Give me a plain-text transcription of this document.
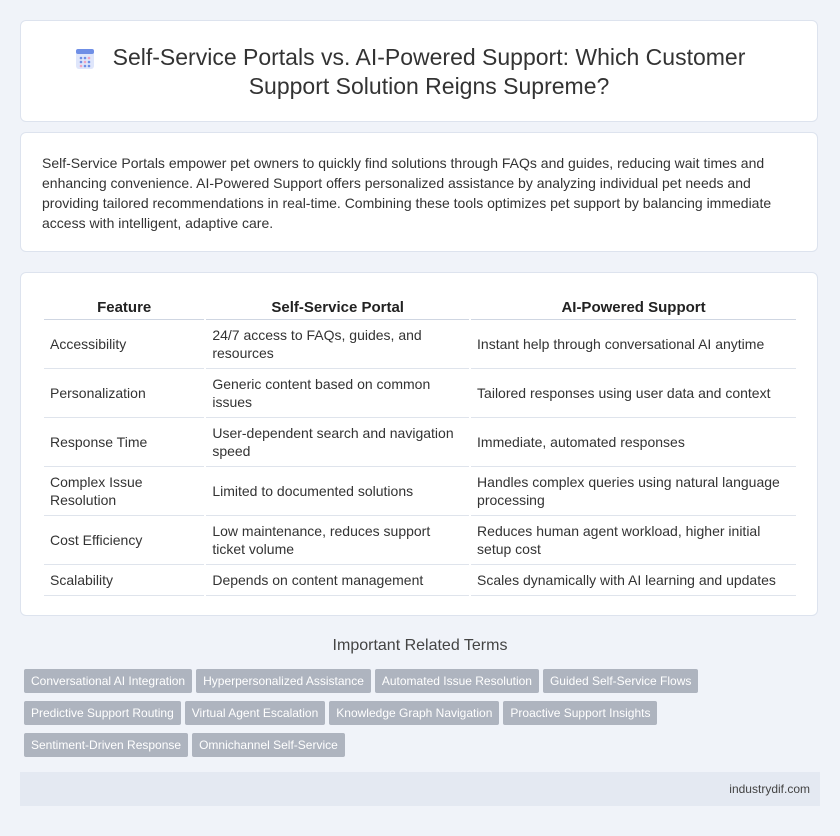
Self-Service Portals vs. AI-Powered Support: Which Customer Support Solution Reigns Supreme?

Self-Service Portals empower pet owners to quickly find solutions through FAQs and guides, reducing wait times and enhancing convenience. AI-Powered Support offers personalized assistance by analyzing individual pet needs and providing tailored recommendations in real-time. Combining these tools optimizes pet support by balancing immediate access with intelligent, adaptive care.

Feature	Self-Service Portal	AI-Powered Support
Accessibility	24/7 access to FAQs, guides, and resources	Instant help through conversational AI anytime
Personalization	Generic content based on common issues	Tailored responses using user data and context
Response Time	User-dependent search and navigation speed	Immediate, automated responses
Complex Issue Resolution	Limited to documented solutions	Handles complex queries using natural language processing
Cost Efficiency	Low maintenance, reduces support ticket volume	Reduces human agent workload, higher initial setup cost
Scalability	Depends on content management	Scales dynamically with AI learning and updates
Important Related Terms
Conversational AI Integration Hyperpersonalized Assistance Automated Issue Resolution Guided Self-Service Flows
Predictive Support Routing Virtual Agent Escalation Knowledge Graph Navigation Proactive Support Insights
Sentiment-Driven Response Omnichannel Self-Service
industrydif.com
